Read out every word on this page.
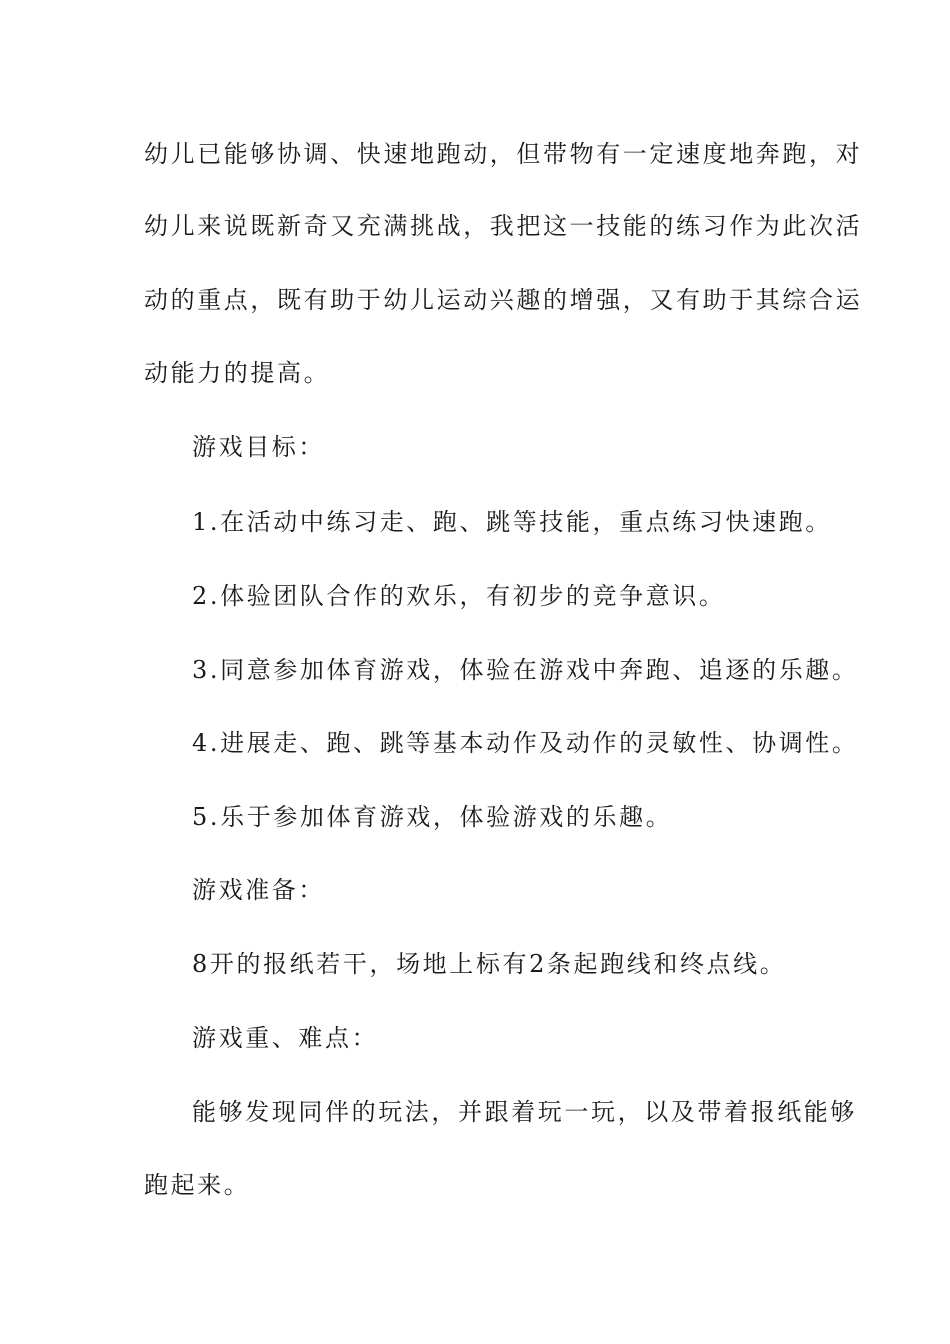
幼儿已能够协调、快速地跑动，但带物有一定速度地奔跑，对
幼儿来说既新奇又充满挑战，我把这一技能的练习作为此次活
动的重点，既有助于幼儿运动兴趣的增强，又有助于其综合运
动能力的提高。
游戏目标：
1.在活动中练习走、跑、跳等技能，重点练习快速跑。
2.体验团队合作的欢乐，有初步的竞争意识。
3.同意参加体育游戏，体验在游戏中奔跑、追逐的乐趣。
4.进展走、跑、跳等基本动作及动作的灵敏性、协调性。
5.乐于参加体育游戏，体验游戏的乐趣。
游戏准备：
8开的报纸若干，场地上标有2条起跑线和终点线。
游戏重、难点：
能够发现同伴的玩法，并跟着玩一玩，以及带着报纸能够
跑起来。
